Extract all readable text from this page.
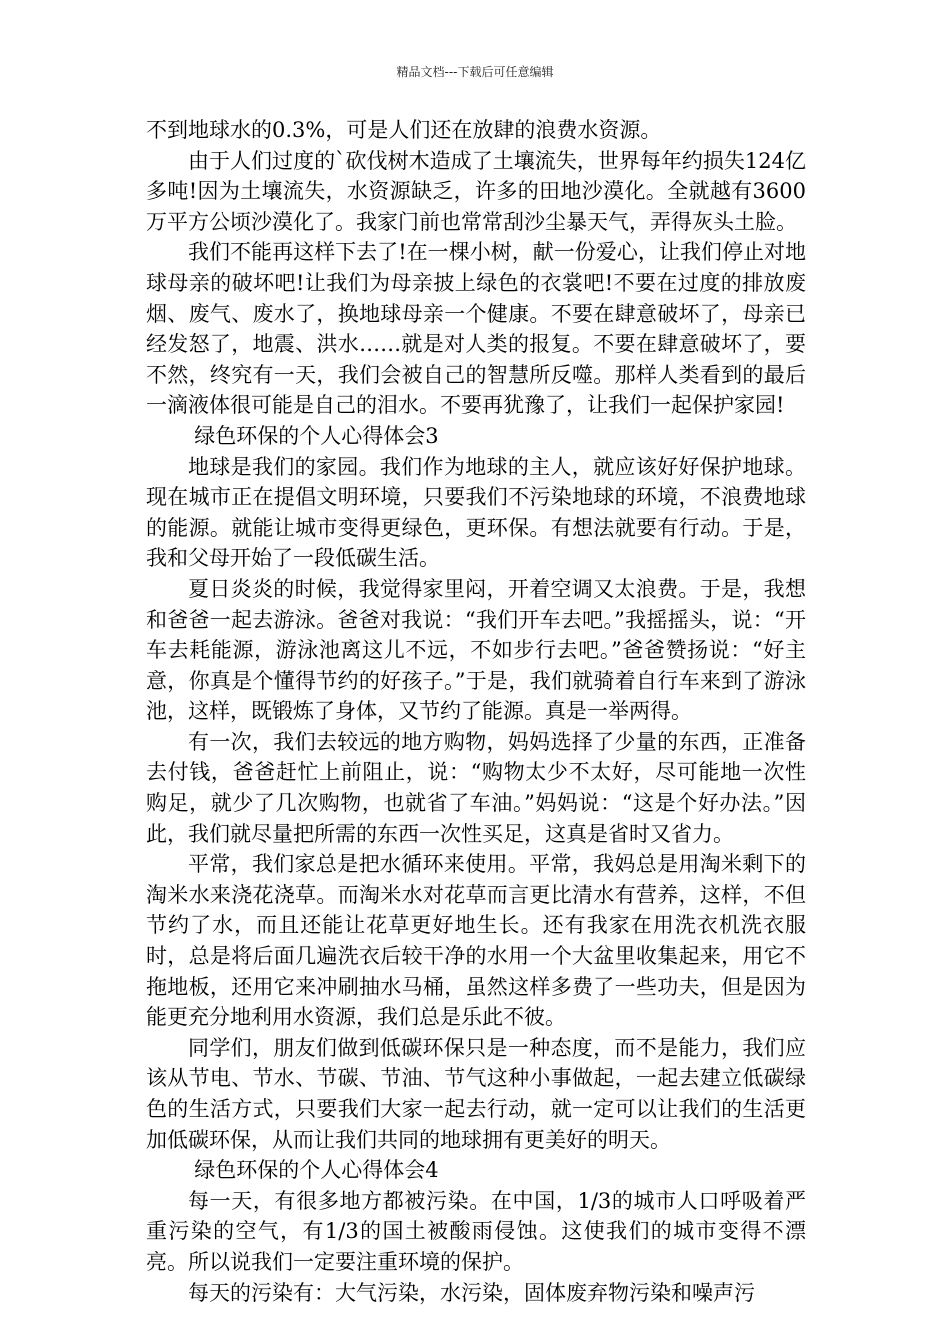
精品文档---下载后可任意编辑

不到地球水的0.3%，可是人们还在放肆的浪费水资源。

由于人们过度的`砍伐树木造成了土壤流失，世界每年约损失124亿多吨!因为土壤流失，水资源缺乏，许多的田地沙漠化。全就越有3600万平方公顷沙漠化了。我家门前也常常刮沙尘暴天气，弄得灰头土脸。

我们不能再这样下去了!在一棵小树，献一份爱心，让我们停止对地球母亲的破坏吧!让我们为母亲披上绿色的衣裳吧!不要在过度的排放废烟、废气、废水了，换地球母亲一个健康。不要在肆意破坏了，母亲已经发怒了，地震、洪水……就是对人类的报复。不要在肆意破坏了，要不然，终究有一天，我们会被自己的智慧所反噬。那样人类看到的最后一滴液体很可能是自己的泪水。不要再犹豫了，让我们一起保护家园!

绿色环保的个人心得体会3

地球是我们的家园。我们作为地球的主人，就应该好好保护地球。现在城市正在提倡文明环境，只要我们不污染地球的环境，不浪费地球的能源。就能让城市变得更绿色，更环保。有想法就要有行动。于是，我和父母开始了一段低碳生活。

夏日炎炎的时候，我觉得家里闷，开着空调又太浪费。于是，我想和爸爸一起去游泳。爸爸对我说：“我们开车去吧。”我摇摇头，说：“开车去耗能源，游泳池离这儿不远，不如步行去吧。”爸爸赞扬说：“好主意，你真是个懂得节约的好孩子。”于是，我们就骑着自行车来到了游泳池，这样，既锻炼了身体，又节约了能源。真是一举两得。

有一次，我们去较远的地方购物，妈妈选择了少量的东西，正准备去付钱，爸爸赶忙上前阻止，说：“购物太少不太好，尽可能地一次性购足，就少了几次购物，也就省了车油。”妈妈说：“这是个好办法。”因此，我们就尽量把所需的东西一次性买足，这真是省时又省力。

平常，我们家总是把水循环来使用。平常，我妈总是用淘米剩下的淘米水来浇花浇草。而淘米水对花草而言更比清水有营养，这样，不但节约了水，而且还能让花草更好地生长。还有我家在用洗衣机洗衣服时，总是将后面几遍洗衣后较干净的水用一个大盆里收集起来，用它不拖地板，还用它来冲刷抽水马桶，虽然这样多费了一些功夫，但是因为能更充分地利用水资源，我们总是乐此不彼。

同学们，朋友们做到低碳环保只是一种态度，而不是能力，我们应该从节电、节水、节碳、节油、节气这种小事做起，一起去建立低碳绿色的生活方式，只要我们大家一起去行动，就一定可以让我们的生活更加低碳环保，从而让我们共同的地球拥有更美好的明天。

绿色环保的个人心得体会4

每一天，有很多地方都被污染。在中国，1/3的城市人口呼吸着严重污染的空气，有1/3的国土被酸雨侵蚀。这使我们的城市变得不漂亮。所以说我们一定要注重环境的保护。

每天的污染有：大气污染，水污染，固体废弃物污染和噪声污
